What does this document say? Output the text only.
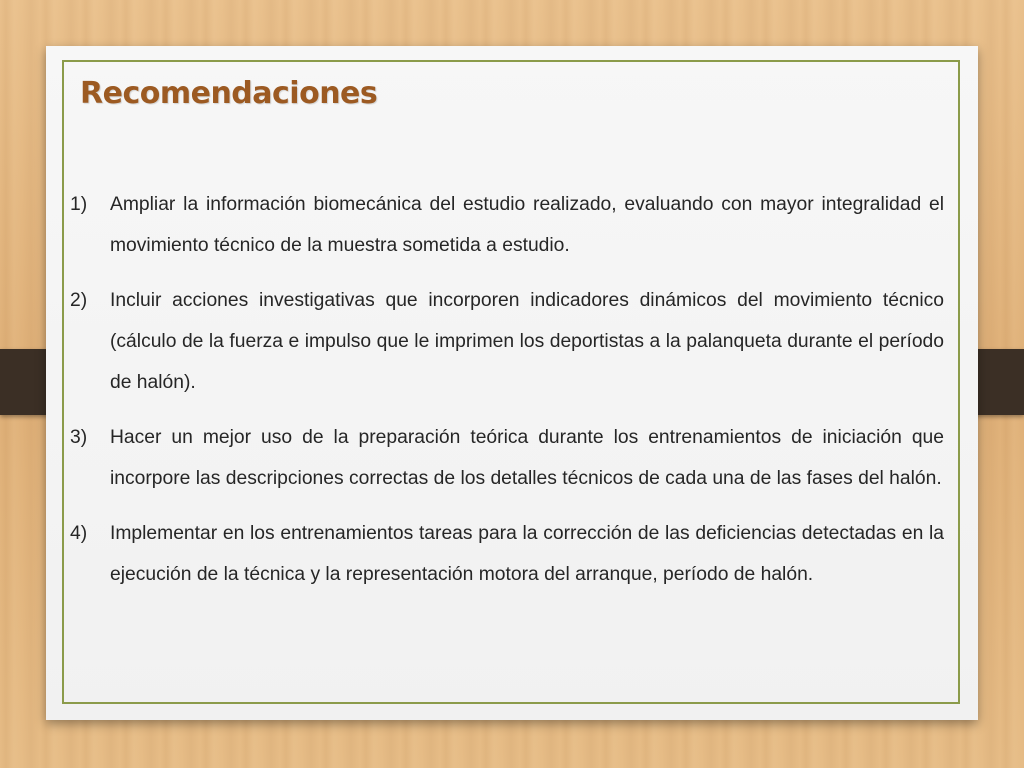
Recomendaciones
1) Ampliar la información biomecánica del estudio realizado, evaluando con mayor integralidad el movimiento técnico de la muestra sometida a estudio.
2) Incluir acciones investigativas que incorporen indicadores dinámicos del movimiento técnico (cálculo de la fuerza e impulso que le imprimen los deportistas a la palanqueta durante el período de halón).
3) Hacer un mejor uso de la preparación teórica durante los entrenamientos de iniciación que incorpore las descripciones correctas de los detalles técnicos de cada una de las fases del halón.
4) Implementar en los entrenamientos tareas para la corrección de las deficiencias detectadas en la ejecución de la técnica y la representación motora del arranque, período de halón.
